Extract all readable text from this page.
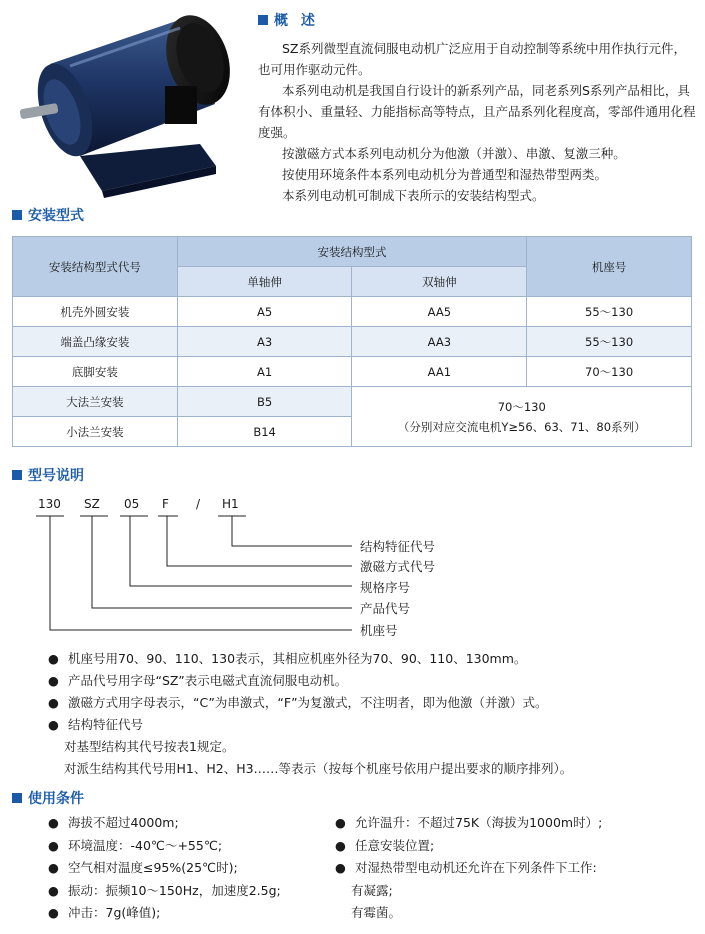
概 述

SZ系列微型直流伺服电动机广泛应用于自动控制等系统中用作执行元件，也可用作驱动元件。

本系列电动机是我国自行设计的新系列产品，同老系列S系列产品相比，具有体积小、重量轻、力能指标高等特点，且产品系列化程度高，零部件通用化程度强。

按激磁方式本系列电动机分为他激（并激）、串激、复激三种。

按使用环境条件本系列电动机分为普通型和湿热带型两类。

本系列电动机可制成下表所示的安装结构型式。

安装型式
安装结构型式代号	安装结构型式		机座号
	单轴伸	双轴伸	
机壳外圆安装	A5	AA5	55～130
端盖凸缘安装	A3	AA3	55～130
底脚安装	A1	AA1	70～130
大法兰安装	B5	70～130
（分别对应交流电机Y≥56、63、71、80系列）	

小法兰安装	B14		
型号说明
130 SZ 05 F / H1
结构特征代号
激磁方式代号
规格序号
产品代号
机座号
● 机座号用70、90、110、130表示，其相应机座外径为70、90、110、130mm。
● 产品代号用字母“SZ”表示电磁式直流伺服电动机。
● 激磁方式用字母表示，“C”为串激式，“F”为复激式，不注明者，即为他激（并激）式。
● 结构特征代号
对基型结构其代号按表1规定。
对派生结构其代号用H1、H2、H3……等表示（按每个机座号依用户提出要求的顺序排列）。
使用条件
● 海拔不超过4000m;
● 环境温度：-40℃～+55℃;
● 空气相对温度≤95%(25℃时);
● 振动：振频10～150Hz，加速度2.5g;
● 冲击：7g(峰值);
● 允许温升：不超过75K（海拔为1000m时）;
● 任意安装位置;
● 对湿热带型电动机还允许在下列条件下工作:
有凝露;
有霉菌。
